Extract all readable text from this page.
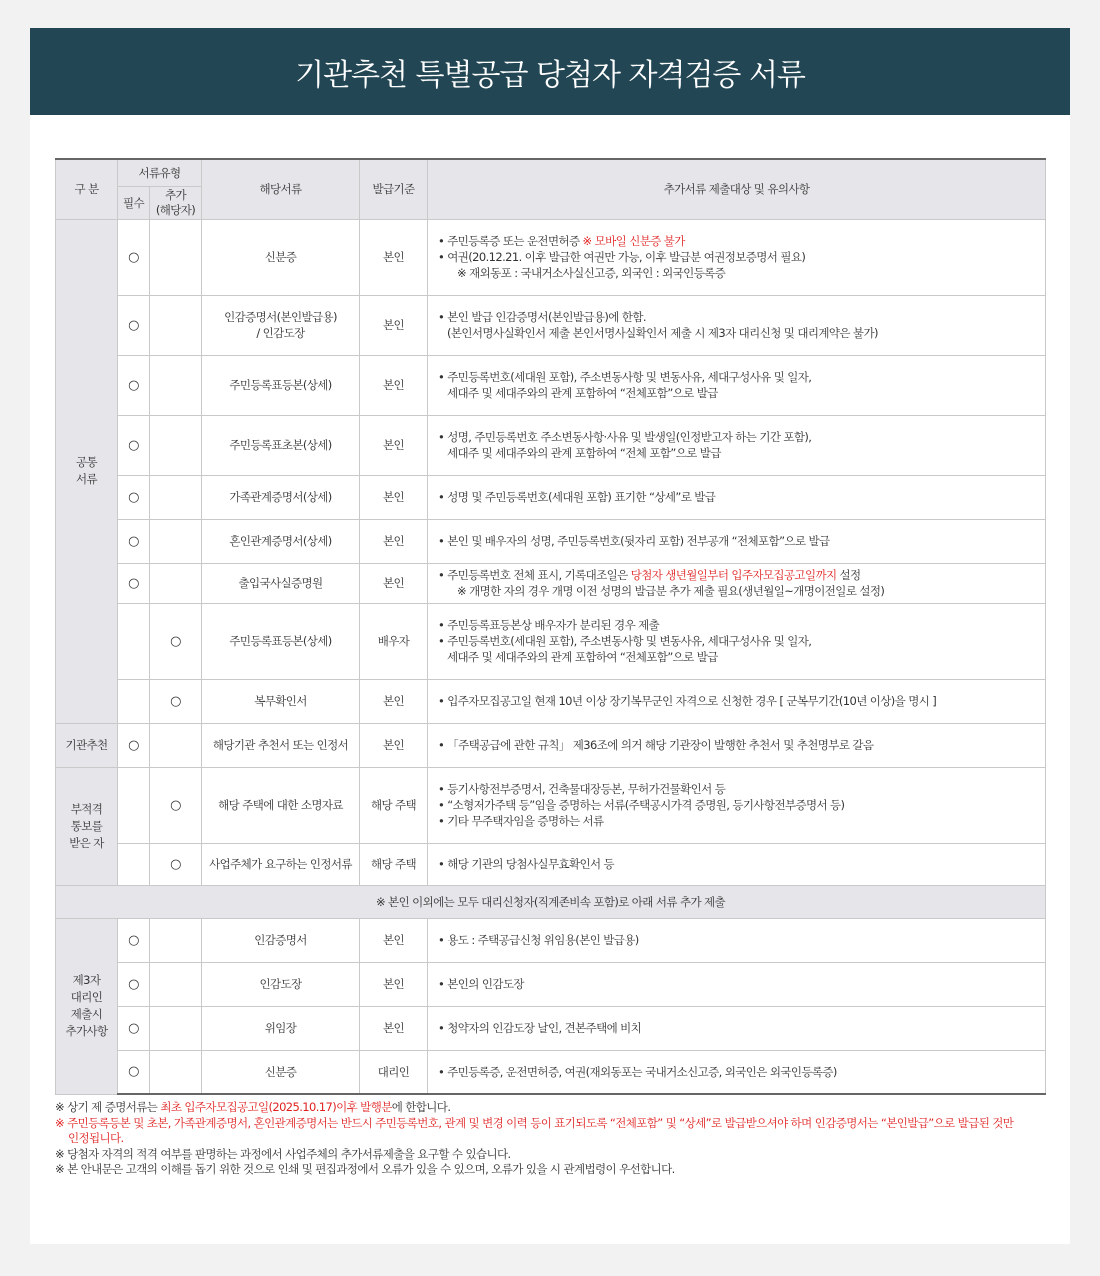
기관추천 특별공급 당첨자 자격검증 서류
구 분	서류유형		해당서류	발급기준	추가서류 제출대상 및 유의사항
	필수	추가
(해당자)			
공통
서류	○		신분증	본인	• 주민등록증 또는 운전면허증 ※ 모바일 신분증 불가
• 여권(20.12.21. 이후 발급한 여권만 가능, 이후 발급분 여권정보증명서 필요)
※ 재외동포 : 국내거소사실신고증, 외국인 : 외국인등록증

	○		인감증명서(본인발급용)
/ 인감도장	본인	• 본인 발급 인감증명서(본인발급용)에 한함.
(본인서명사실확인서 제출 본인서명사실확인서 제출 시 제3자 대리신청 및 대리계약은 불가)

	○		주민등록표등본(상세)	본인	• 주민등록번호(세대원 포함), 주소변동사항 및 변동사유, 세대구성사유 및 일자,
세대주 및 세대주와의 관계 포함하여 “전체포함”으로 발급

	○		주민등록표초본(상세)	본인	• 성명, 주민등록번호 주소변동사항·사유 및 발생일(인정받고자 하는 기간 포함),
세대주 및 세대주와의 관계 포함하여 “전체 포함”으로 발급

	○		가족관계증명서(상세)	본인	• 성명 및 주민등록번호(세대원 포함) 표기한 “상세”로 발급

	○		혼인관계증명서(상세)	본인	• 본인 및 배우자의 성명, 주민등록번호(뒷자리 포함) 전부공개 “전체포함”으로 발급

	○		출입국사실증명원	본인	• 주민등록번호 전체 표시, 기록대조일은 당첨자 생년월일부터 입주자모집공고일까지 설정
※ 개명한 자의 경우 개명 이전 성명의 발급분 추가 제출 필요(생년월일~개명이전일로 설정)

		○	주민등록표등본(상세)	배우자	• 주민등록표등본상 배우자가 분리된 경우 제출
• 주민등록번호(세대원 포함), 주소변동사항 및 변동사유, 세대구성사유 및 일자,
세대주 및 세대주와의 관계 포함하여 “전체포함”으로 발급

		○	복무확인서	본인	• 입주자모집공고일 현재 10년 이상 장기복무군인 자격으로 신청한 경우 [ 군복무기간(10년 이상)을 명시 ]

기관추천	○		해당기관 추천서 또는 인정서	본인	• 「주택공급에 관한 규칙」 제36조에 의거 해당 기관장이 발행한 추천서 및 추천명부로 갈음

부적격
통보를
받은 자		○	해당 주택에 대한 소명자료	해당 주택	• 등기사항전부증명서, 건축물대장등본, 무허가건물확인서 등
• “소형저가주택 등”임을 증명하는 서류(주택공시가격 증명원, 등기사항전부증명서 등)
• 기타 무주택자임을 증명하는 서류

		○	사업주체가 요구하는 인정서류	해당 주택	• 해당 기관의 당첨사실무효확인서 등

※ 본인 이외에는 모두 대리신청자(직계존비속 포함)로 아래 서류 추가 제출					
제3자
대리인
제출시
추가사항	○		인감증명서	본인	• 용도 : 주택공급신청 위임용(본인 발급용)
	○		인감도장	본인	• 본인의 인감도장
	○		위임장	본인	• 청약자의 인감도장 날인, 견본주택에 비치
	○		신분증	대리인	• 주민등록증, 운전면허증, 여권(재외동포는 국내거소신고증, 외국인은 외국인등록증)
※ 상기 제 증명서류는 최초 입주자모집공고일(2025.10.17)이후 발행분에 한합니다.
※ 주민등록등본 및 초본, 가족관계증명서, 혼인관계증명서는 반드시 주민등록번호, 관계 및 변경 이력 등이 표기되도록 “전체포함” 및 “상세”로 발급받으셔야 하며 인감증명서는 “본인발급”으로 발급된 것만
인정됩니다.
※ 당첨자 자격의 적격 여부를 판명하는 과정에서 사업주체의 추가서류제출을 요구할 수 있습니다.
※ 본 안내문은 고객의 이해를 돕기 위한 것으로 인쇄 및 편집과정에서 오류가 있을 수 있으며, 오류가 있을 시 관계법령이 우선합니다.
